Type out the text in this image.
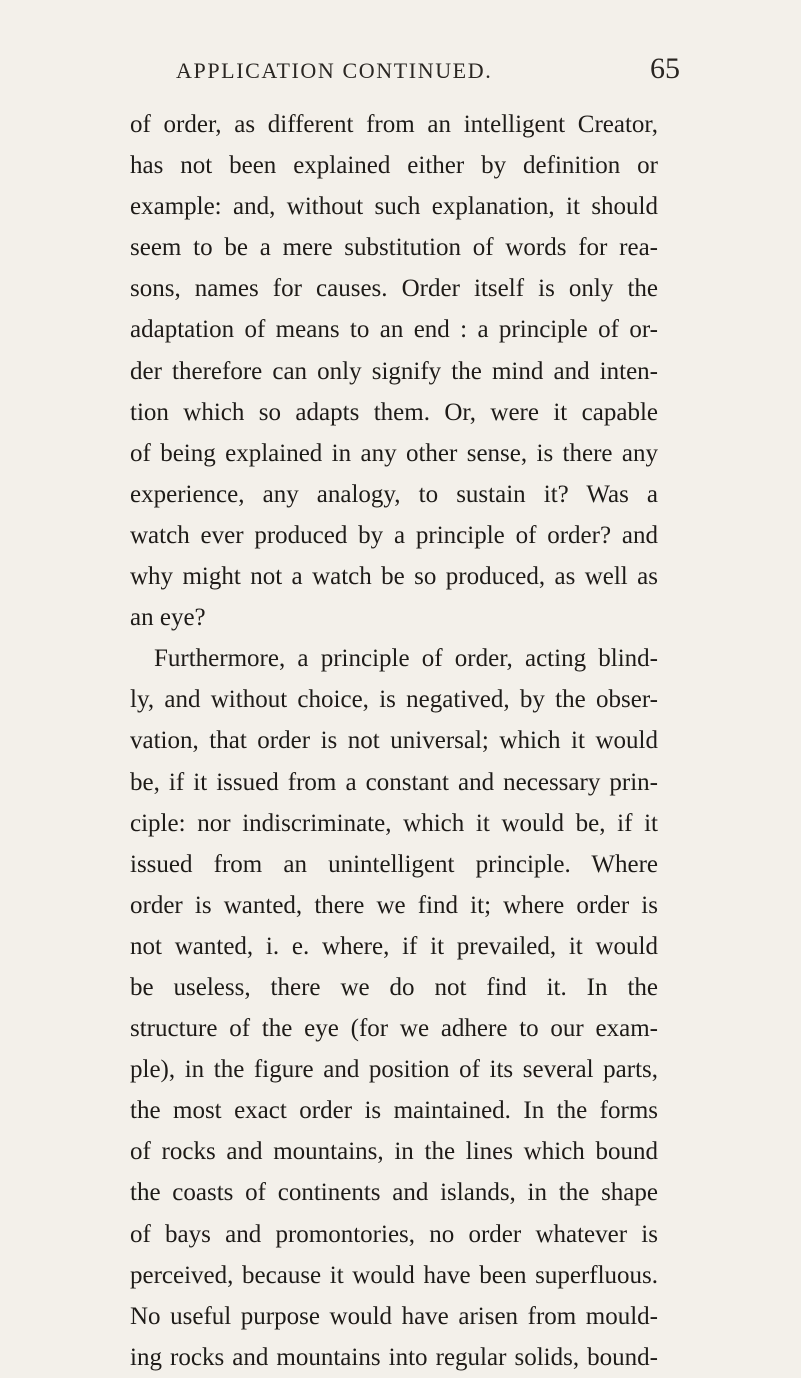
APPLICATION CONTINUED.	65
of order, as different from an intelligent Creator,
has not been explained either by definition or
example: and, without such explanation, it should
seem to be a mere substitution of words for rea-
sons, names for causes. Order itself is only the
adaptation of means to an end : a principle of or-
der therefore can only signify the mind and inten-
tion which so adapts them. Or, were it capable
of being explained in any other sense, is there any
experience, any analogy, to sustain it? Was a
watch ever produced by a principle of order? and
why might not a watch be so produced, as well as
an eye?
Furthermore, a principle of order, acting blind-
ly, and without choice, is negatived, by the obser-
vation, that order is not universal; which it would
be, if it issued from a constant and necessary prin-
ciple: nor indiscriminate, which it would be, if it
issued from an unintelligent principle. Where
order is wanted, there we find it; where order is
not wanted, i. e. where, if it prevailed, it would
be useless, there we do not find it. In the
structure of the eye (for we adhere to our exam-
ple), in the figure and position of its several parts,
the most exact order is maintained. In the forms
of rocks and mountains, in the lines which bound
the coasts of continents and islands, in the shape
of bays and promontories, no order whatever is
perceived, because it would have been superfluous.
No useful purpose would have arisen from mould-
ing rocks and mountains into regular solids, bound-
